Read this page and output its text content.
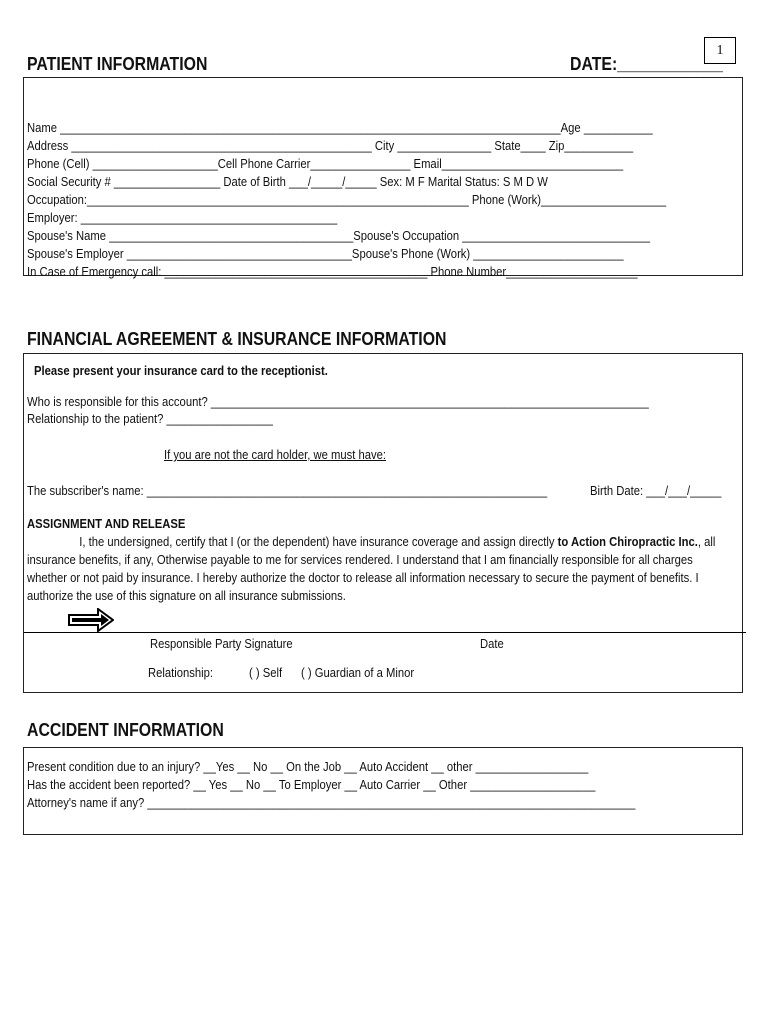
1
PATIENT INFORMATION	DATE:____________
Name ________________________________________________________________________________Age ___________
Address ________________________________________________ City _______________ State____ Zip___________
Phone (Cell) ____________________Cell Phone Carrier________________ Email_____________________________
Social Security # _________________ Date of Birth ___/_____/_____ Sex: M F Marital Status: S M D W
Occupation:_____________________________________________________________ Phone (Work)____________________
Employer: _________________________________________
Spouse's Name _______________________________________Spouse's Occupation ______________________________
Spouse's Employer ____________________________________Spouse's Phone (Work) ________________________
In Case of Emergency call: __________________________________________ Phone Number_____________________
FINANCIAL AGREEMENT & INSURANCE INFORMATION
Please present your insurance card to the receptionist.
Who is responsible for this account? ______________________________________________________________________
Relationship to the patient? _________________
If you are not the card holder, we must have:
The subscriber's name: ________________________________________________________________	Birth Date: ___/___/_____
ASSIGNMENT AND RELEASE
I, the undersigned, certify that I (or the dependent) have insurance coverage and assign directly to Action Chiropractic Inc., all insurance benefits, if any, Otherwise payable to me for services rendered. I understand that I am financially responsible for all charges whether or not paid by insurance. I hereby authorize the doctor to release all information necessary to secure the payment of benefits. I authorize the use of this signature on all insurance submissions.
Responsible Party Signature	Date
Relationship:	( ) Self ( ) Guardian of a Minor
ACCIDENT INFORMATION
Present condition due to an injury? __Yes __ No __ On the Job __ Auto Accident __ other __________________
Has the accident been reported? __ Yes __ No __ To Employer __ Auto Carrier __ Other ____________________
Attorney's name if any? ______________________________________________________________________________
